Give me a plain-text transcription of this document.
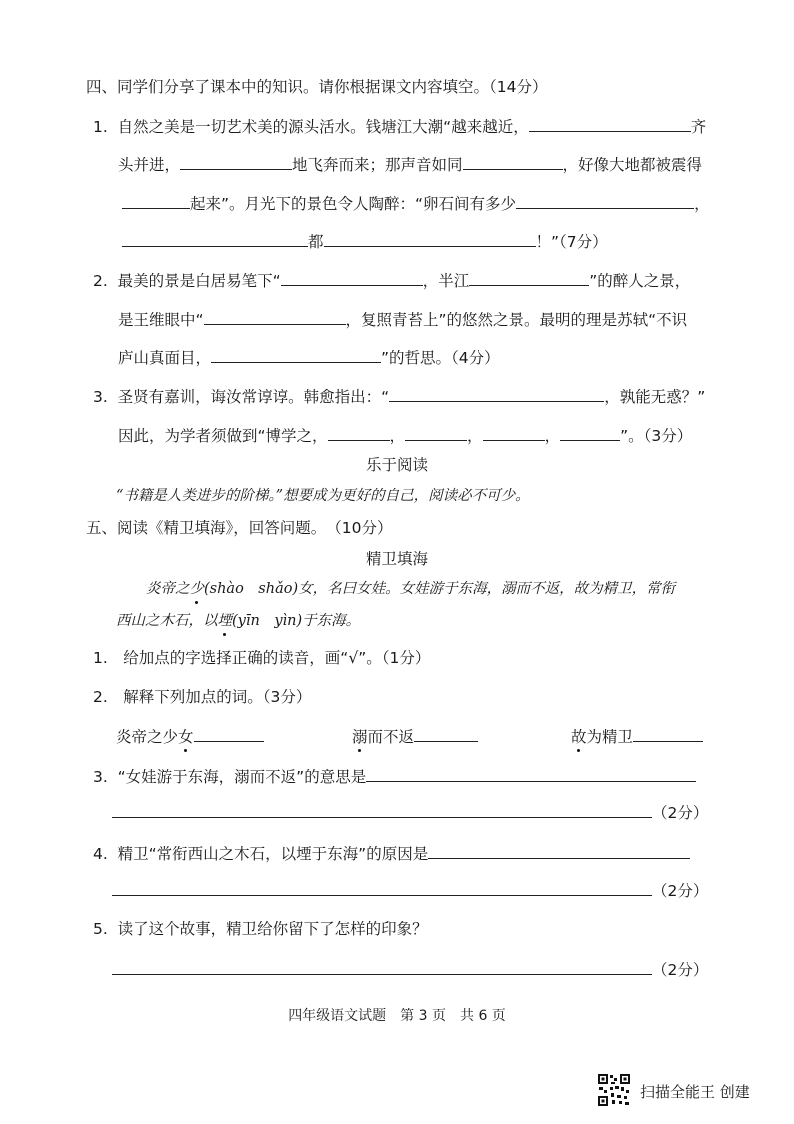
四、同学们分享了课本中的知识。请你根据课文内容填空。（14分）
1. 自然之美是一切艺术美的源头活水。钱塘江大潮“越来越近，	齐
头并进，	地飞奔而来；那声音如同	，好像大地都被震得
起来”。月光下的景色令人陶醉：“卵石间有多少	，
都	！”（7分）
2. 最美的景是白居易笔下“	，半江	”的醉人之景，
是王维眼中“	，复照青苔上”的悠然之景。最明的理是苏轼“不识
庐山真面目，	”的哲思。（4分）
3. 圣贤有嘉训，诲汝常谆谆。韩愈指出：“	，孰能无惑？”
因此，为学者须做到“博学之，	，	，	，	”。（3分）
乐于阅读
“书籍是人类进步的阶梯。”想要成为更好的自己，阅读必不可少。
五、阅读《精卫填海》，回答问题。　（10分）
精卫填海
炎帝之少(shào　shǎo)女，名曰女娃。女娃游于东海，溺而不返，故为精卫，常衔
西山之木石，以堙(yīn　yìn)于东海。
1.　给加点的字选择正确的读音，画“√”。（1分）
2.　解释下列加点的词。（3分）
炎帝之少女	溺而不返	故为精卫
3. “女娃游于东海，溺而不返”的意思是
（2分）
4. 精卫“常衔西山之木石，以堙于东海”的原因是
（2分）
5. 读了这个故事，精卫给你留下了怎样的印象？
（2分）
四年级语文试题　第 3 页　共 6 页
扫描全能王 创建
